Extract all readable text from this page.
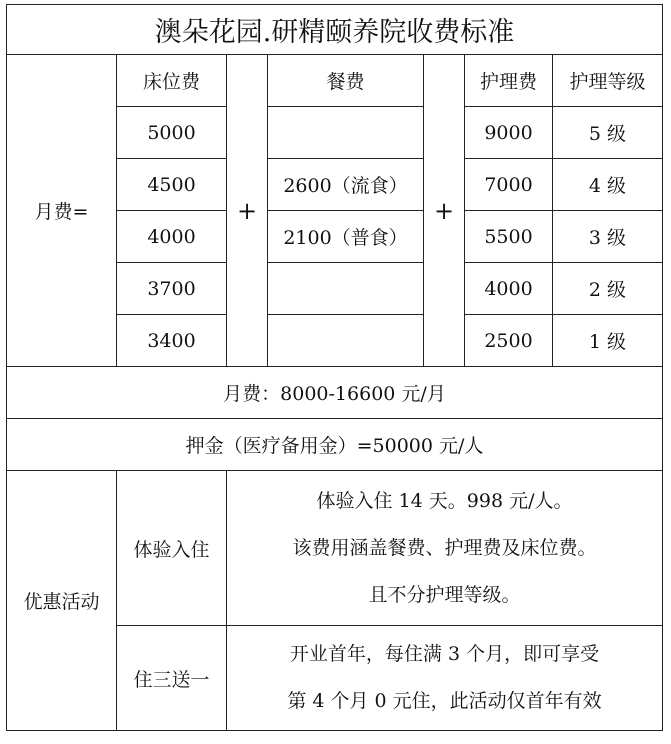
澳朵花园.研精颐养院收费标准						
月费=	床位费	+	餐费	+	护理费	护理等级
	5000				9000	5 级
	4500		2600（流食）		7000	4 级
	4000		2100（普食）		5500	3 级
	3700				4000	2 级
	3400				2500	1 级
月费：8000-16600 元/月						
押金（医疗备用金）=50000 元/人						
优惠活动	体验入住	体验入住 14 天。998 元/人。

该费用涵盖餐费、护理费及床位费。

且不分护理等级。				

	住三送一	开业首年，每住满 3 个月，即可享受

第 4 个月 0 元住，此活动仅首年有效				
